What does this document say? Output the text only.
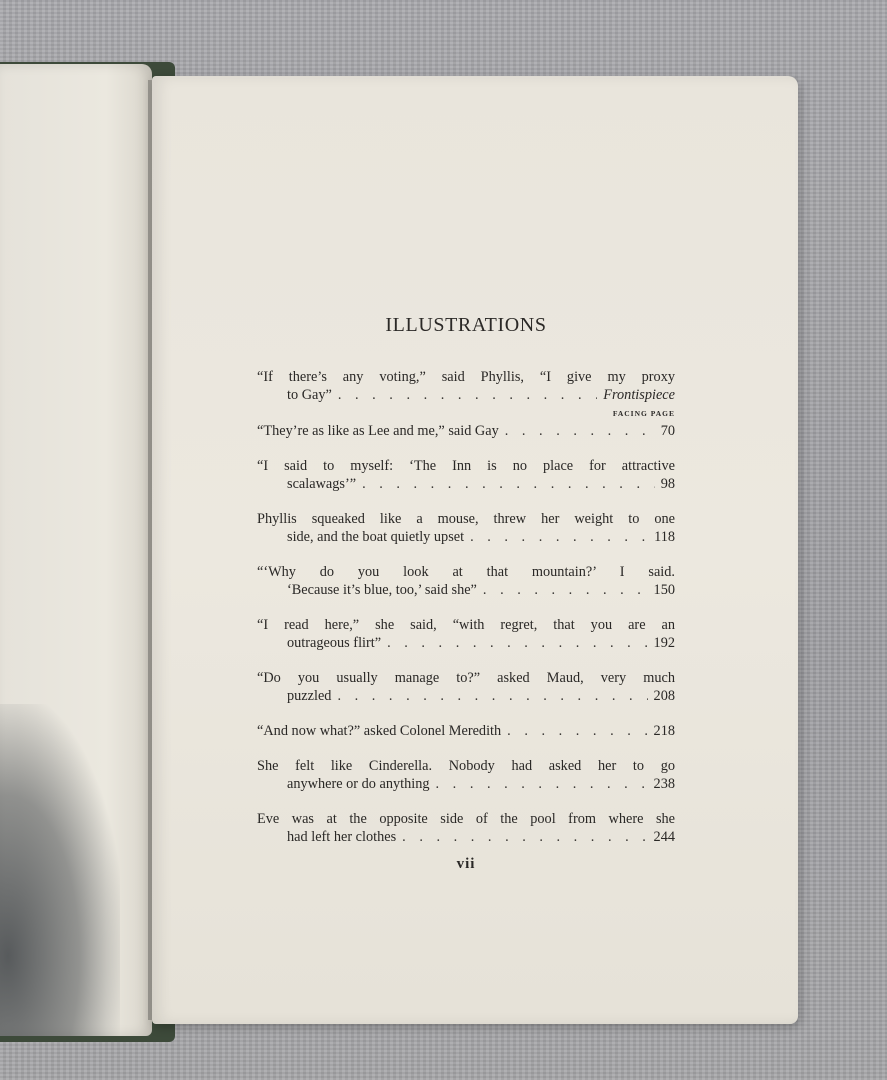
ILLUSTRATIONS
“If there’s any voting,” said Phyllis, “I give my proxy
to Gay” . . .	Frontispiece
FACING PAGE
“They’re as like as Lee and me,” said Gay . . .	70
“I said to myself: ‘The Inn is no place for attractive
scalawags’” . . .	98
Phyllis squeaked like a mouse, threw her weight to one
side, and the boat quietly upset . . .	118
“‘Why do you look at that mountain?’ I said.
‘Because it’s blue, too,’ said she” . . .	150
“I read here,” she said, “with regret, that you are an
outrageous flirt” . . .	192
“Do you usually manage to?” asked Maud, very much
puzzled . . .	208
“And now what?” asked Colonel Meredith . . .	218
She felt like Cinderella. Nobody had asked her to go
anywhere or do anything . . .	238
Eve was at the opposite side of the pool from where she
had left her clothes . . .	244
vii
